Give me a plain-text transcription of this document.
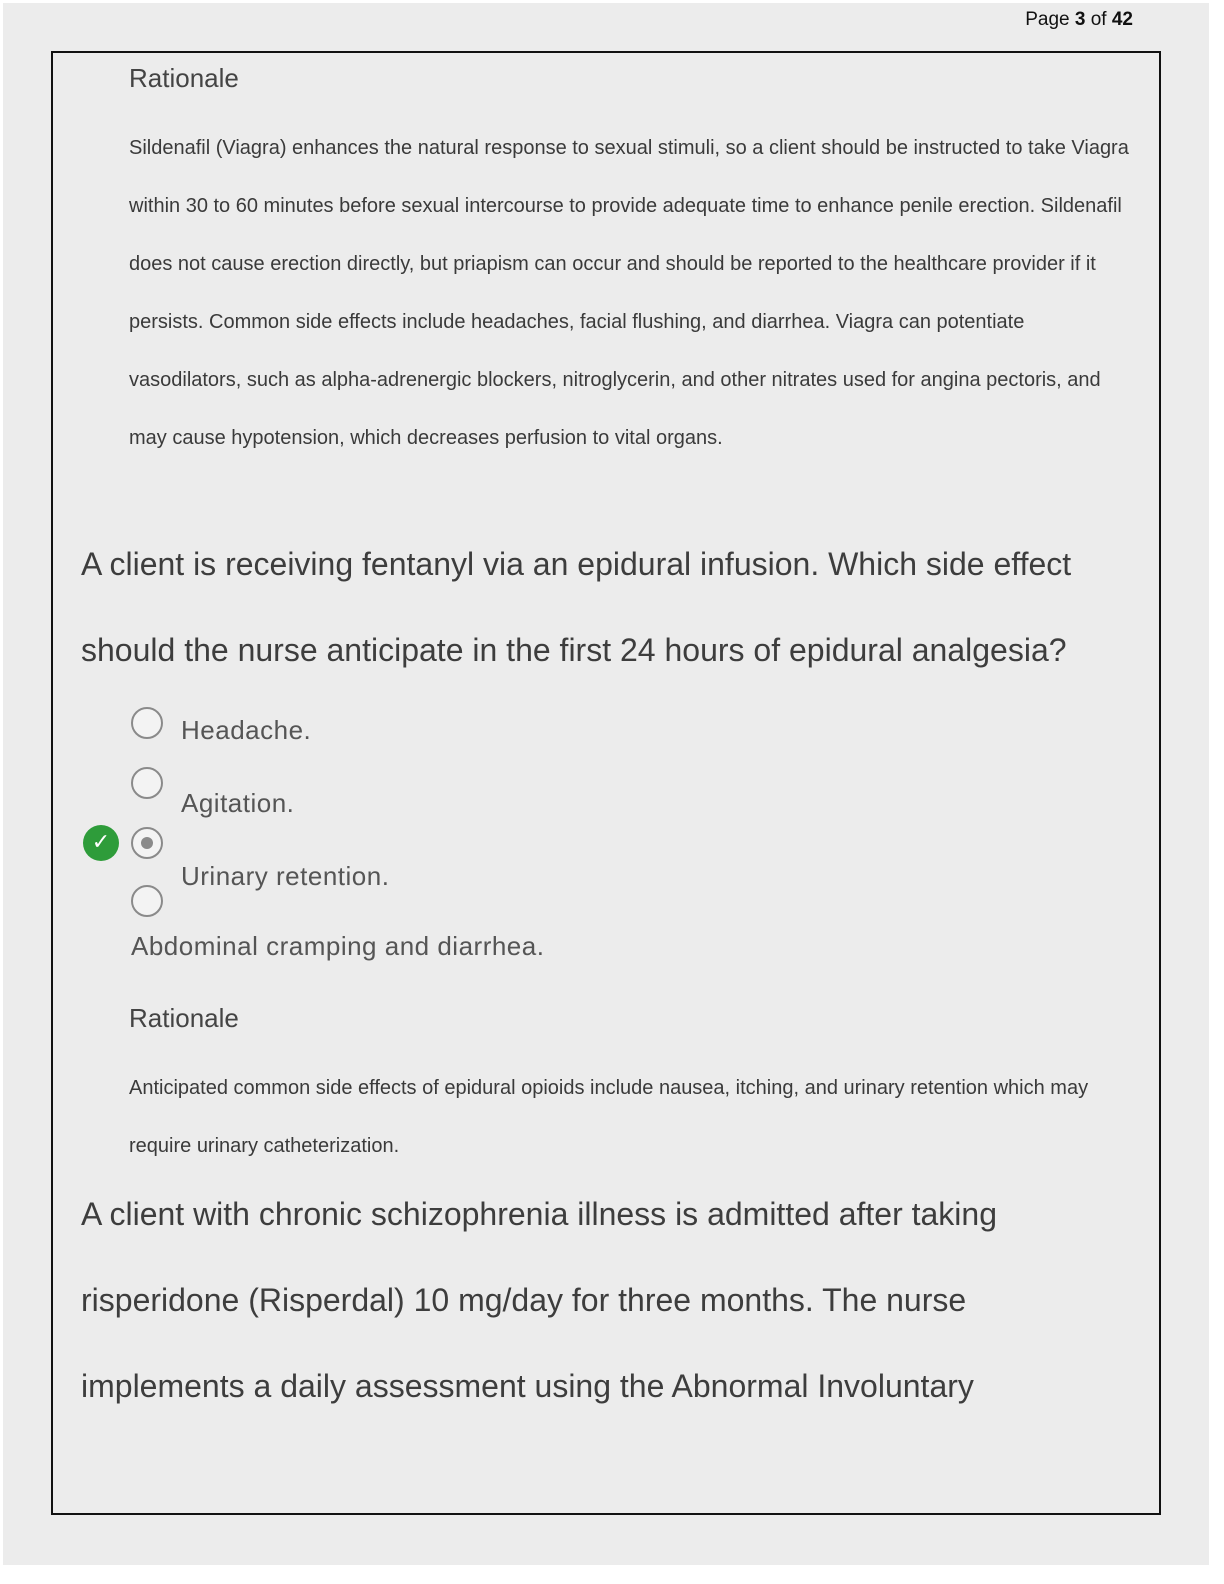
Page 3 of 42
Rationale

Sildenafil (Viagra) enhances the natural response to sexual stimuli, so a client should be instructed to take Viagra within 30 to 60 minutes before sexual intercourse to provide adequate time to enhance penile erection. Sildenafil does not cause erection directly, but priapism can occur and should be reported to the healthcare provider if it persists. Common side effects include headaches, facial flushing, and diarrhea. Viagra can potentiate vasodilators, such as alpha-adrenergic blockers, nitroglycerin, and other nitrates used for angina pectoris, and may cause hypotension, which decreases perfusion to vital organs.

A client is receiving fentanyl via an epidural infusion. Which side effect should the nurse anticipate in the first 24 hours of epidural analgesia?

Headache.
Agitation.
✓
Urinary retention.
Abdominal cramping and diarrhea.
Rationale

Anticipated common side effects of epidural opioids include nausea, itching, and urinary retention which may require urinary catheterization.

A client with chronic schizophrenia illness is admitted after taking risperidone (Risperdal) 10 mg/day for three months. The nurse implements a daily assessment using the Abnormal Involuntary
